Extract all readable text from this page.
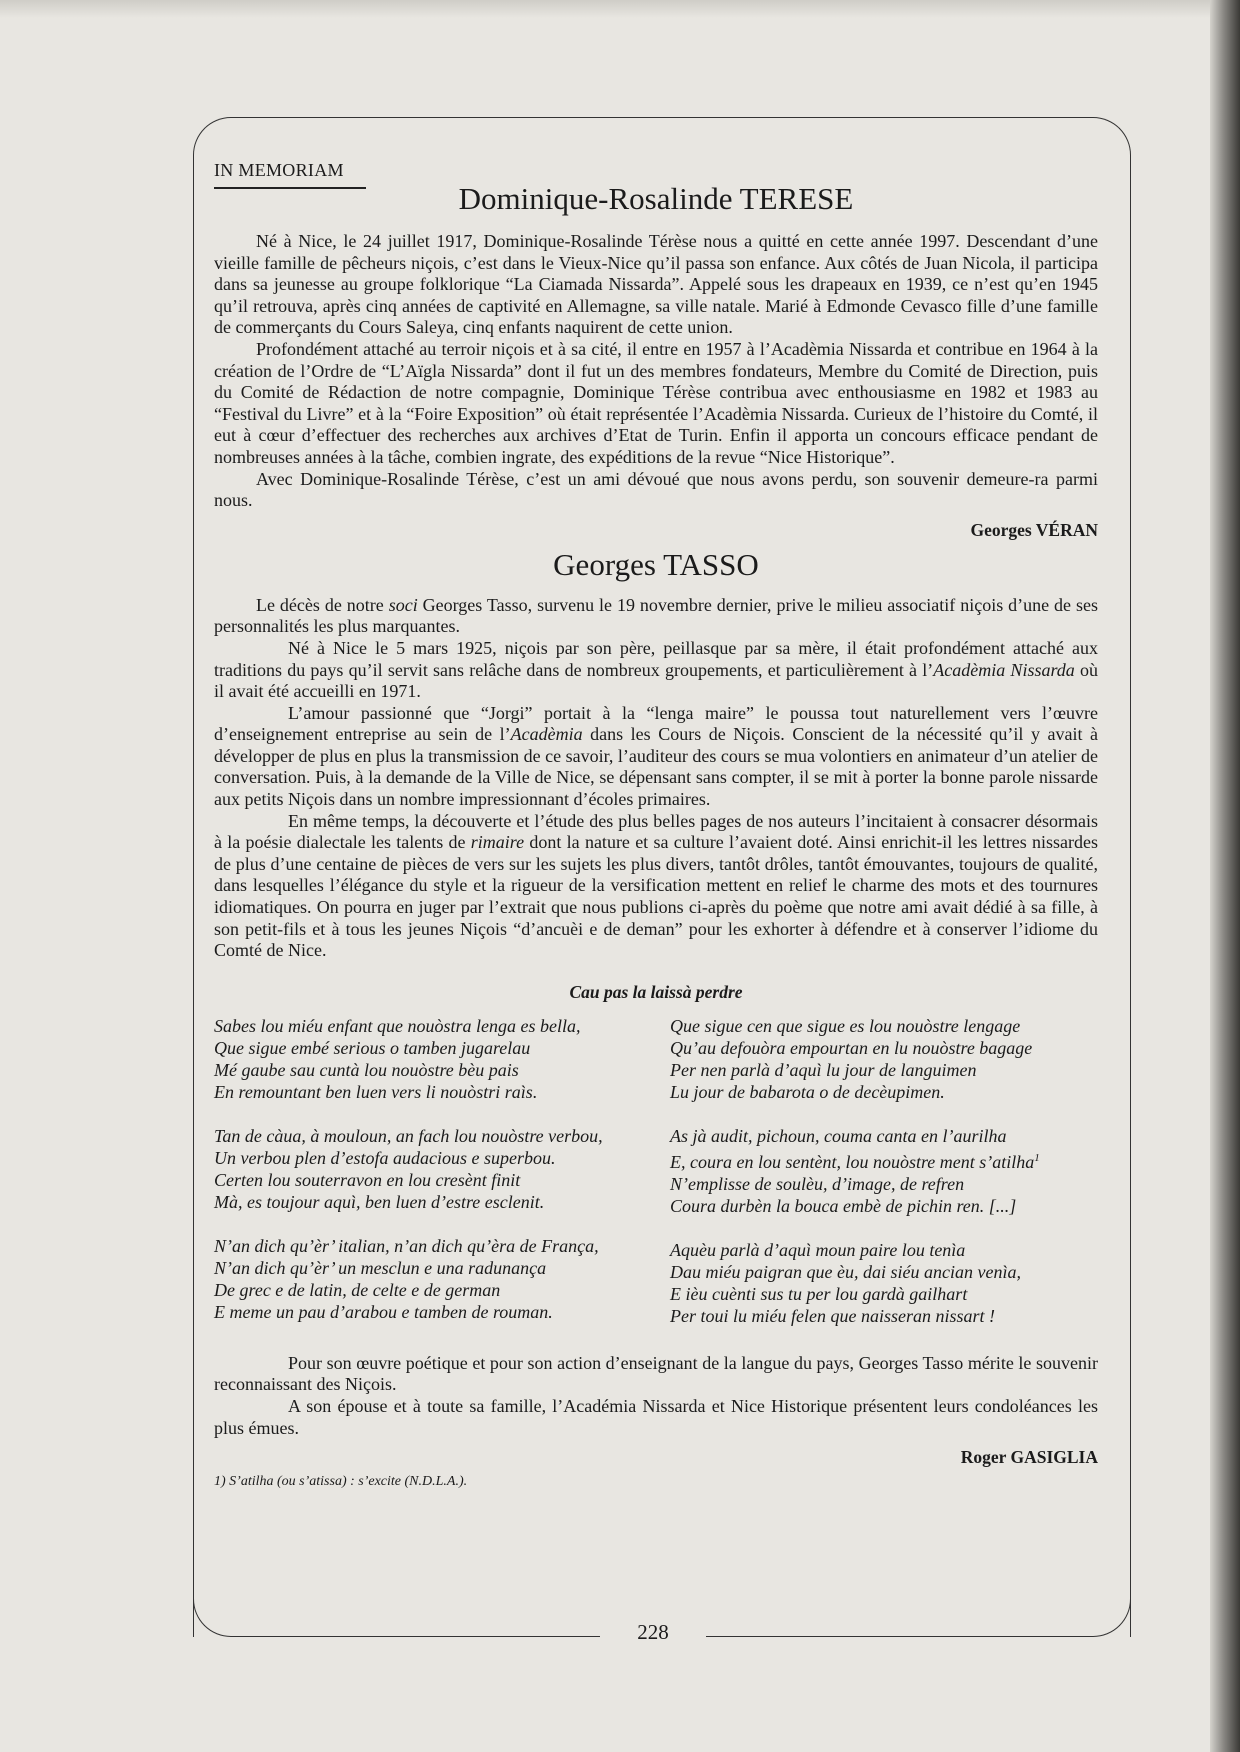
228
IN MEMORIAM
Dominique-Rosalinde TERESE

Né à Nice, le 24 juillet 1917, Dominique-Rosalinde Térèse nous a quitté en cette année 1997. Descendant d’une vieille famille de pêcheurs niçois, c’est dans le Vieux-Nice qu’il passa son enfance. Aux côtés de Juan Nicola, il participa dans sa jeunesse au groupe folklorique “La Ciamada Nissarda”. Appelé sous les drapeaux en 1939, ce n’est qu’en 1945 qu’il retrouva, après cinq années de captivité en Allemagne, sa ville natale. Marié à Edmonde Cevasco fille d’une famille de commerçants du Cours Saleya, cinq enfants naquirent de cette union.

Profondément attaché au terroir niçois et à sa cité, il entre en 1957 à l’Acadèmia Nissarda et contribue en 1964 à la création de l’Ordre de “L’Aïgla Nissarda” dont il fut un des membres fondateurs, Membre du Comité de Direction, puis du Comité de Rédaction de notre compagnie, Dominique Térèse contribua avec enthousiasme en 1982 et 1983 au “Festival du Livre” et à la “Foire Exposition” où était représentée l’Acadèmia Nissarda. Curieux de l’histoire du Comté, il eut à cœur d’effectuer des recherches aux archives d’Etat de Turin. Enfin il apporta un concours efficace pendant de nombreuses années à la tâche, combien ingrate, des expéditions de la revue “Nice Historique”.

Avec Dominique-Rosalinde Térèse, c’est un ami dévoué que nous avons perdu, son souvenir demeure-ra parmi nous.

Georges VÉRAN
Georges TASSO

Le décès de notre soci Georges Tasso, survenu le 19 novembre dernier, prive le milieu associatif niçois d’une de ses personnalités les plus marquantes.

Né à Nice le 5 mars 1925, niçois par son père, peillasque par sa mère, il était profondément attaché aux traditions du pays qu’il servit sans relâche dans de nombreux groupements, et particulièrement à l’Acadèmia Nissarda où il avait été accueilli en 1971.

L’amour passionné que “Jorgi” portait à la “lenga maire” le poussa tout naturellement vers l’œuvre d’enseignement entreprise au sein de l’Acadèmia dans les Cours de Niçois. Conscient de la nécessité qu’il y avait à développer de plus en plus la transmission de ce savoir, l’auditeur des cours se mua volontiers en animateur d’un atelier de conversation. Puis, à la demande de la Ville de Nice, se dépensant sans compter, il se mit à porter la bonne parole nissarde aux petits Niçois dans un nombre impressionnant d’écoles primaires.

En même temps, la découverte et l’étude des plus belles pages de nos auteurs l’incitaient à consacrer désormais à la poésie dialectale les talents de rimaire dont la nature et sa culture l’avaient doté. Ainsi enrichit-il les lettres nissardes de plus d’une centaine de pièces de vers sur les sujets les plus divers, tantôt drôles, tantôt émouvantes, toujours de qualité, dans lesquelles l’élégance du style et la rigueur de la versification mettent en relief le charme des mots et des tournures idiomatiques. On pourra en juger par l’extrait que nous publions ci-après du poème que notre ami avait dédié à sa fille, à son petit-fils et à tous les jeunes Niçois “d’ancuèi e de deman” pour les exhorter à défendre et à conserver l’idiome du Comté de Nice.

Cau pas la laissà perdre
Sabes lou miéu enfant que nouòstra lenga es bella,
Que sigue embé serious o tamben jugarelau
Mé gaube sau cuntà lou nouòstre bèu pais
En remountant ben luen vers li nouòstri raìs.
Tan de càua, à mouloun, an fach lou nouòstre verbou,
Un verbou plen d’estofa audacious e superbou.
Certen lou souterravon en lou cresènt finit
Mà, es toujour aquì, ben luen d’estre esclenit.
N’an dich qu’èr’ italian, n’an dich qu’èra de Françа,
N’an dich qu’èr’ un mesclun e una radunança
De grec e de latin, de celte e de german
E meme un pau d’arabou e tamben de rouman.
Que sigue cen que sigue es lou nouòstre lengage
Qu’au defouòra empourtan en lu nouòstre bagage
Per nen parlà d’aquì lu jour de languimen
Lu jour de babarota o de decèupimen.
As jà audit, pichoun, couma canta en l’aurilha
E, coura en lou sentènt, lou nouòstre ment s’atilha$^1$
N’emplisse de soulèu, d’image, de refren
Coura durbèn la bouca embè de pichin ren. [...]
Aquèu parlà d’aquì moun paire lou tenìa
Dau miéu paigran que èu, dai siéu ancian venìa,
E ièu cuènti sus tu per lou gardà gailhart
Per toui lu miéu felen que naisseran nissart !

Pour son œuvre poétique et pour son action d’enseignant de la langue du pays, Georges Tasso mérite le souvenir reconnaissant des Niçois.

A son épouse et à toute sa famille, l’Académia Nissarda et Nice Historique présentent leurs condoléances les plus émues.

Roger GASIGLIA
1) S’atilha (ou s’atissa) : s’excite (N.D.L.A.).
